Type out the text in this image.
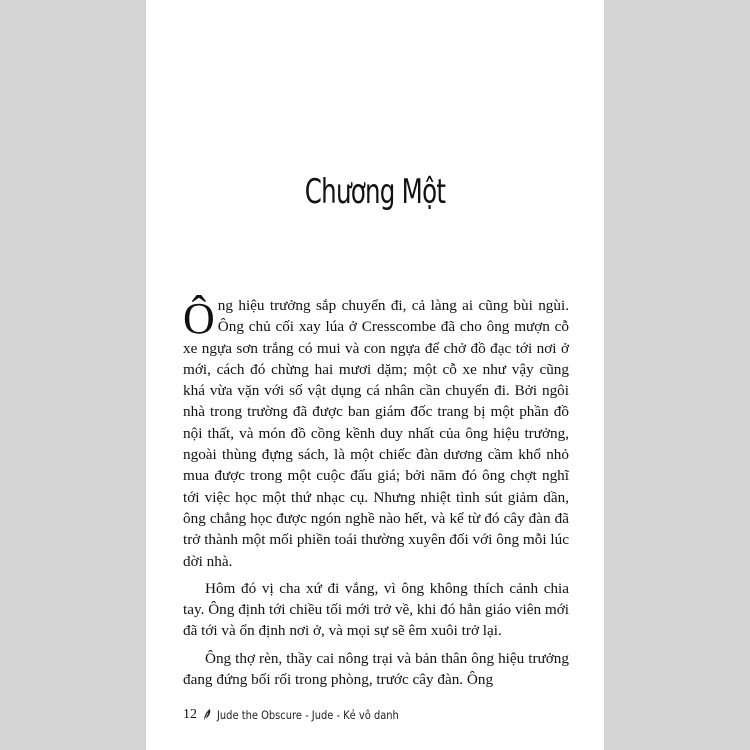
Chương Một

Ông hiệu trưởng sắp chuyển đi, cả làng ai cũng bùi ngùi. Ông chủ cối xay lúa ở Cresscombe đã cho ông mượn cỗ xe ngựa sơn trắng có mui và con ngựa để chở đồ đạc tới nơi ở mới, cách đó chừng hai mươi dặm; một cỗ xe như vậy cũng khá vừa vặn với số vật dụng cá nhân cần chuyển đi. Bởi ngôi nhà trong trường đã được ban giám đốc trang bị một phần đồ nội thất, và món đồ cồng kềnh duy nhất của ông hiệu trưởng, ngoài thùng đựng sách, là một chiếc đàn dương cầm khổ nhỏ mua được trong một cuộc đấu giá; bởi năm đó ông chợt nghĩ tới việc học một thứ nhạc cụ. Nhưng nhiệt tình sút giảm dần, ông chẳng học được ngón nghề nào hết, và kể từ đó cây đàn đã trở thành một mối phiền toái thường xuyên đối với ông mỗi lúc dời nhà.

Hôm đó vị cha xứ đi vắng, vì ông không thích cảnh chia tay. Ông định tới chiều tối mới trở về, khi đó hẳn giáo viên mới đã tới và ổn định nơi ở, và mọi sự sẽ êm xuôi trở lại.

Ông thợ rèn, thầy cai nông trại và bản thân ông hiệu trưởng đang đứng bối rối trong phòng, trước cây đàn. Ông

12 Jude the Obscure - Jude - Kẻ vô danh
